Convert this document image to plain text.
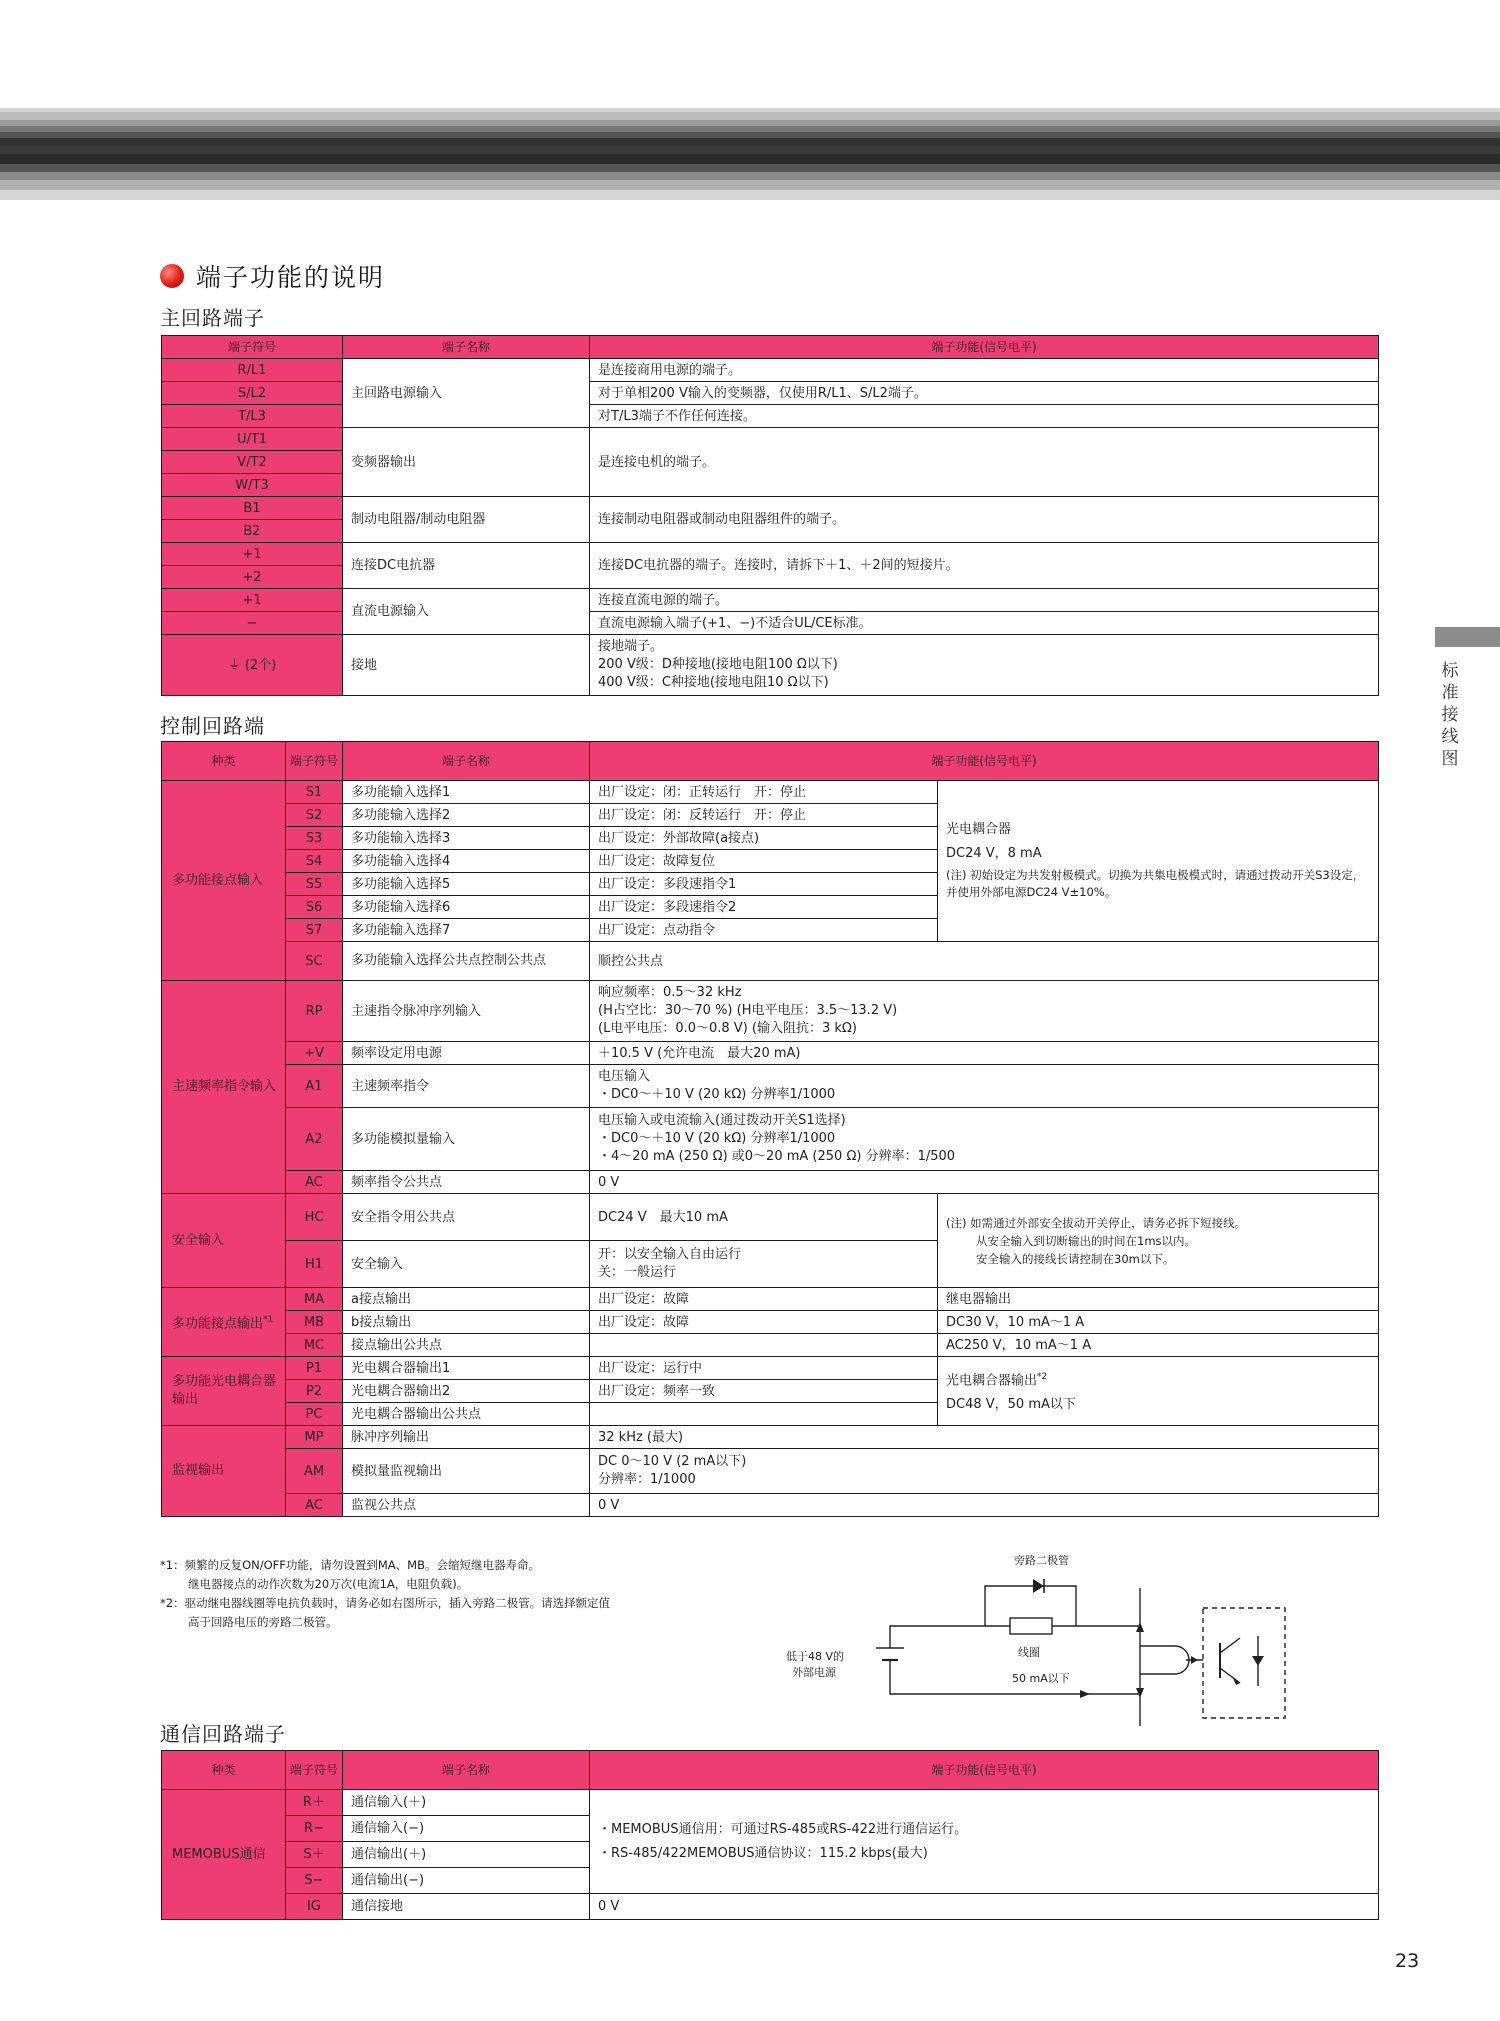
标准接线图
端子功能的说明
主回路端子
端子符号	端子名称	端子功能(信号电平)
R/L1	主回路电源输入	是连接商用电源的端子。
S/L2		对于单相200 V输入的变频器，仅使用R/L1、S/L2端子。
T/L3		对T/L3端子不作任何连接。
U/T1	变频器输出	是连接电机的端子。
V/T2		
W/T3		
B1	制动电阻器/制动电阻器	连接制动电阻器或制动电阻器组件的端子。
B2		
+1	连接DC电抗器	连接DC电抗器的端子。连接时，请拆下＋1、＋2间的短接片。
+2		
+1	直流电源输入	连接直流电源的端子。
−		直流电源输入端子(+1、−)不适合UL/CE标准。
⏚ (2个)	接地	接地端子。
200 V级：D种接地(接地电阻100 Ω以下)
400 V级：C种接地(接地电阻10 Ω以下)
控制回路端
种类	端子符号	端子名称	端子功能(信号电平)	
多功能接点输入	S1	多功能输入选择1	出厂设定：闭：正转运行　开：停止	光电耦合器
DC24 V，8 mA
(注) 初始设定为共发射极模式。切换为共集电极模式时，请通过拨动开关S3设定，并使用外部电源DC24 V±10%。

	S2	多功能输入选择2	出厂设定：闭：反转运行　开：停止	
	S3	多功能输入选择3	出厂设定：外部故障(a接点)	
	S4	多功能输入选择4	出厂设定：故障复位	
	S5	多功能输入选择5	出厂设定：多段速指令1	
	S6	多功能输入选择6	出厂设定：多段速指令2	
	S7	多功能输入选择7	出厂设定：点动指令	
	SC	多功能输入选择公共点控制公共点	顺控公共点	
主速频率指令输入	RP	主速指令脉冲序列输入	响应频率：0.5～32 kHz
(H占空比：30～70 %) (H电平电压：3.5～13.2 V)
(L电平电压：0.0～0.8 V) (输入阻抗：3 kΩ)	

	+V	频率设定用电源	＋10.5 V (允许电流　最大20 mA)	
	A1	主速频率指令	电压输入
・DC0～＋10 V (20 kΩ) 分辨率1/1000	

	A2	多功能模拟量输入	电压输入或电流输入(通过拨动开关S1选择)
・DC0～＋10 V (20 kΩ) 分辨率1/1000
・4～20 mA (250 Ω) 或0～20 mA (250 Ω) 分辨率：1/500	

	AC	频率指令公共点	0 V	
安全输入	HC	安全指令用公共点	DC24 V　最大10 mA	(注) 如需通过外部安全拔动开关停止，请务必拆下短接线。
从安全输入到切断输出的时间在1ms以内。
安全输入的接线长请控制在30m以下。

	H1	安全输入	开：以安全输入自由运行
关：一般运行	

多功能接点输出$^{*1}$	MA	a接点输出	出厂设定：故障	继电器输出
	MB	b接点输出	出厂设定：故障	DC30 V，10 mA～1 A
	MC	接点输出公共点		AC250 V，10 mA～1 A
多功能光电耦合器输出	P1	光电耦合器输出1	出厂设定：运行中	光电耦合器输出$^{*2}$
DC48 V，50 mA以下

	P2	光电耦合器输出2	出厂设定：频率一致	
	PC	光电耦合器输出公共点		
监视输出	MP	脉冲序列输出	32 kHz (最大)	
	AM	模拟量监视输出	DC 0～10 V (2 mA以下)
分辨率：1/1000	

	AC	监视公共点	0 V	
*1：频繁的反复ON/OFF功能，请勿设置到MA、MB。会缩短继电器寿命。
继电器接点的动作次数为20万次(电流1A，电阻负载)。
*2：驱动继电器线圈等电抗负载时，请务必如右图所示，插入旁路二极管。请选择额定值
高于回路电压的旁路二极管。
旁路二极管
线圈
50 mA以下
低于48 V的
外部电源
通信回路端子
种类	端子符号	端子名称	端子功能(信号电平)
MEMOBUS通信	R＋	通信输入(＋)	・MEMOBUS通信用：可通过RS-485或RS-422进行通信运行。
・RS-485/422MEMOBUS通信协议：115.2 kbps(最大)

	R−	通信输入(−)	
	S＋	通信输出(＋)	
	S−	通信输出(−)	
	IG	通信接地	0 V
23
